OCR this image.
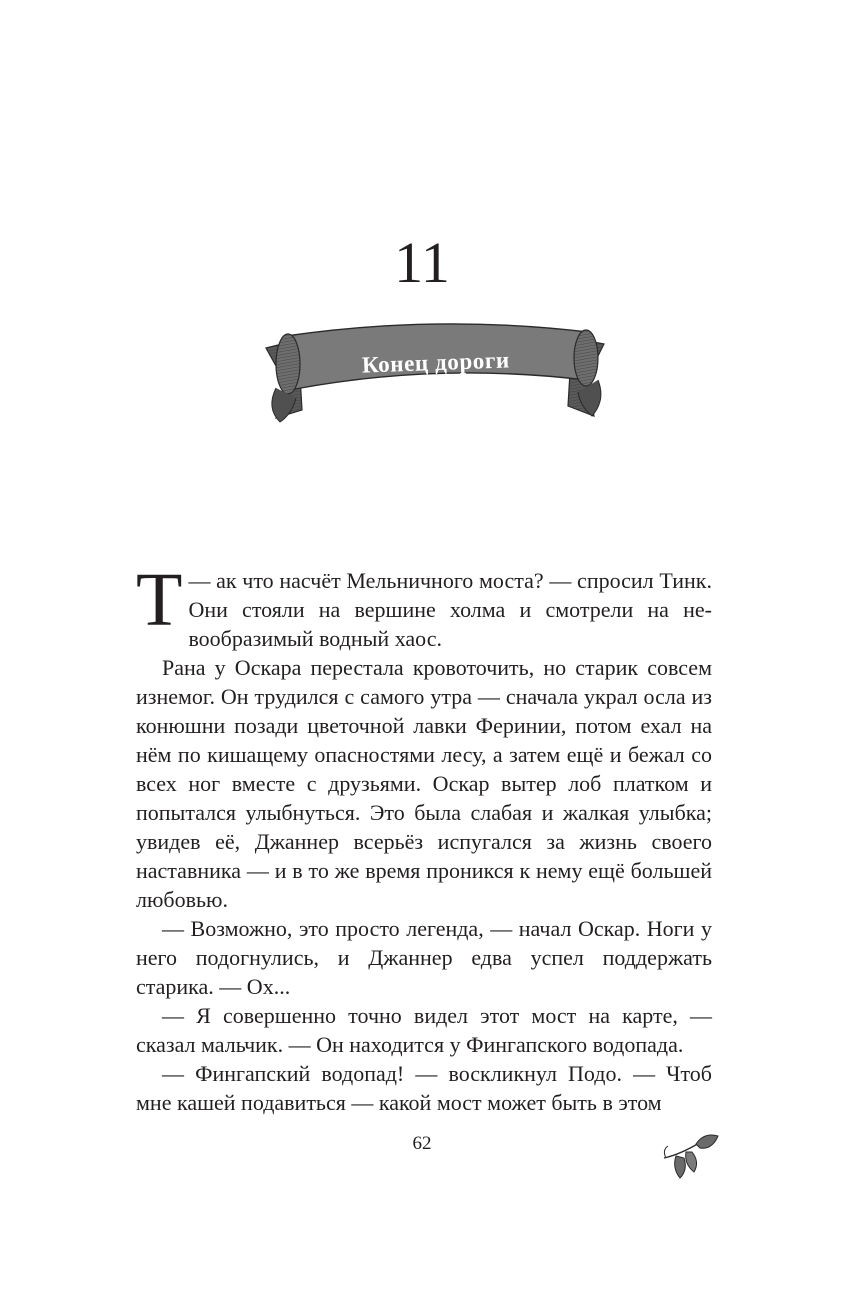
11
Конец дороги

—
Т ак что насчёт Мельничного моста? — спросил Тинк. Они стояли на вершине холма и смотрели на невообразимый водный хаос.

Рана у Оскара перестала кровоточить, но старик совсем изнемог. Он трудился с самого утра — сначала украл осла из конюшни позади цветочной лавки Феринии, потом ехал на нём по кишащему опасностями лесу, а затем ещё и бежал со всех ног вместе с друзьями. Оскар вытер лоб платком и попытался улыбнуться. Это была слабая и жалкая улыбка; увидев её, Джаннер всерьёз испугался за жизнь своего наставника — и в то же время проникся к нему ещё большей любовью.

— Возможно, это просто легенда, — начал Оскар. Ноги у него подогнулись, и Джаннер едва успел поддержать старика. — Ох...

— Я совершенно точно видел этот мост на карте, — сказал мальчик. — Он находится у Фингапского водопада.

— Фингапский водопад! — воскликнул Подо. — Чтоб мне кашей подавиться — какой мост может быть в этом

62
